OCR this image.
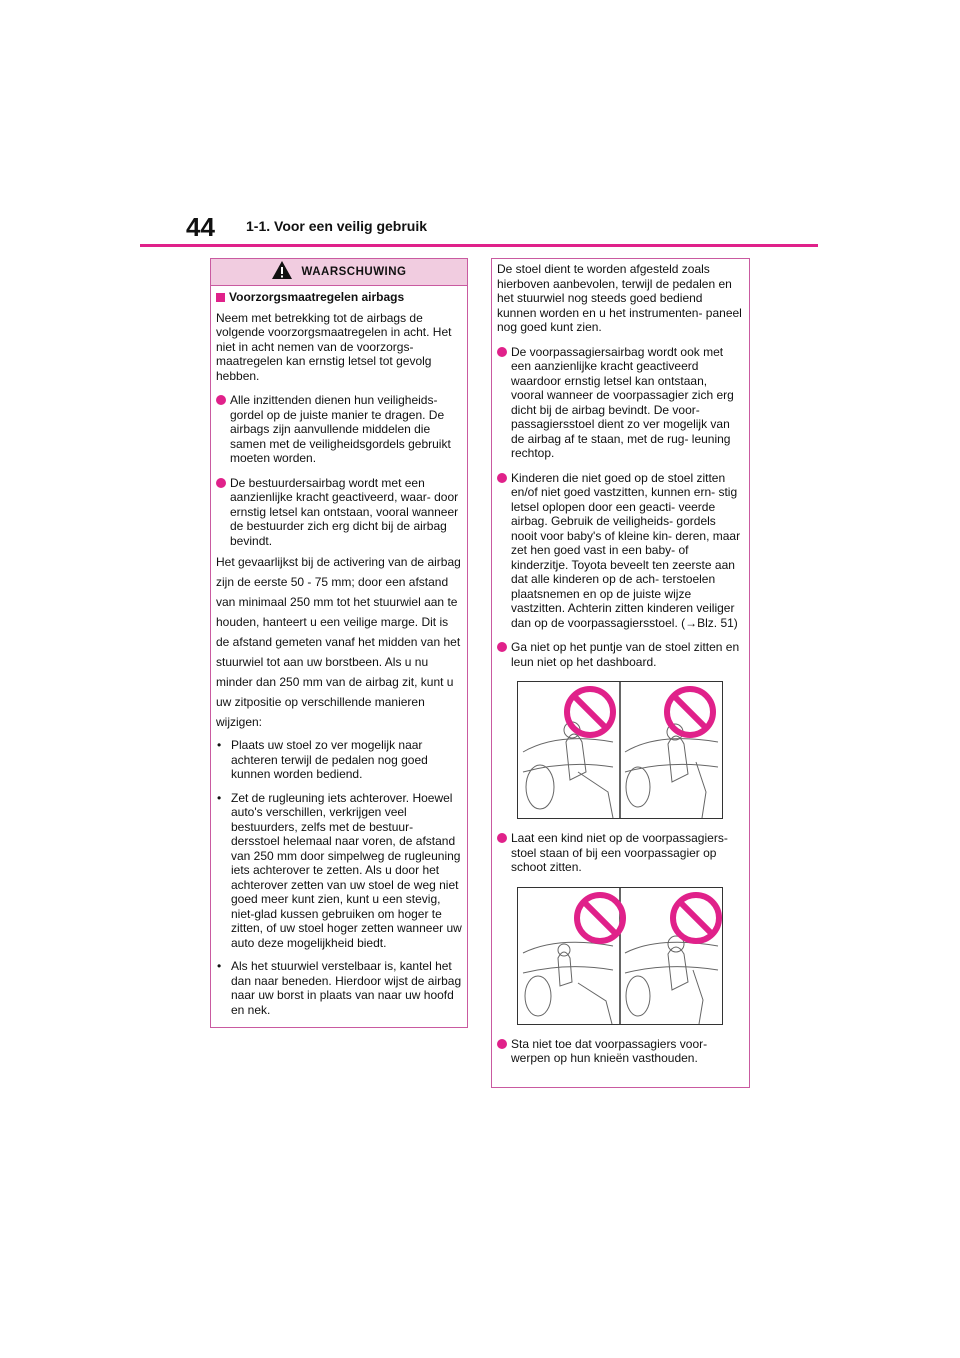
44 1-1. Voor een veilig gebruik
WAARSCHUWING
Voorzorgsmaatregelen airbags

Neem met betrekking tot de airbags de volgende voorzorgsmaatregelen in acht. Het niet in acht nemen van de voorzorgs- maatregelen kan ernstig letsel tot gevolg hebben.

Alle inzittenden dienen hun veiligheids- gordel op de juiste manier te dragen. De airbags zijn aanvullende middelen die samen met de veiligheidsgordels gebruikt moeten worden.
De bestuurdersairbag wordt met een aanzienlijke kracht geactiveerd, waar- door ernstig letsel kan ontstaan, vooral wanneer de bestuurder zich erg dicht bij de airbag bevindt.

Het gevaarlijkst bij de activering van de airbag zijn de eerste 50 - 75 mm; door een afstand van minimaal 250 mm tot het stuurwiel aan te houden, hanteert u een veilige marge. Dit is de afstand gemeten vanaf het midden van het stuurwiel tot aan uw borstbeen. Als u nu minder dan 250 mm van de airbag zit, kunt u uw zitpositie op verschillende manieren wijzigen:

• Plaats uw stoel zo ver mogelijk naar achteren terwijl de pedalen nog goed kunnen worden bediend.
• Zet de rugleuning iets achterover. Hoewel auto's verschillen, verkrijgen veel bestuurders, zelfs met de bestuur- dersstoel helemaal naar voren, de afstand van 250 mm door simpelweg de rugleuning iets achterover te zetten. Als u door het achterover zetten van uw stoel de weg niet goed meer kunt zien, kunt u een stevig, niet-glad kussen gebruiken om hoger te zitten, of uw stoel hoger zetten wanneer uw auto deze mogelijkheid biedt.
• Als het stuurwiel verstelbaar is, kantel het dan naar beneden. Hierdoor wijst de airbag naar uw borst in plaats van naar uw hoofd en nek.

De stoel dient te worden afgesteld zoals hierboven aanbevolen, terwijl de pedalen en het stuurwiel nog steeds goed bediend kunnen worden en u het instrumenten- paneel nog goed kunt zien.

De voorpassagiersairbag wordt ook met een aanzienlijke kracht geactiveerd waardoor ernstig letsel kan ontstaan, vooral wanneer de voorpassagier zich erg dicht bij de airbag bevindt. De voor- passagiersstoel dient zo ver mogelijk van de airbag af te staan, met de rug- leuning rechtop.
Kinderen die niet goed op de stoel zitten en/of niet goed vastzitten, kunnen ern- stig letsel oplopen door een geacti- veerde airbag. Gebruik de veiligheids- gordels nooit voor baby's of kleine kin- deren, maar zet hen goed vast in een baby- of kinderzitje. Toyota beveelt ten zeerste aan dat alle kinderen op de ach- terstoelen plaatsnemen en op de juiste wijze vastzitten. Achterin zitten kinderen veiliger dan op de voorpassagiersstoel. (→Blz. 51)
Ga niet op het puntje van de stoel zitten en leun niet op het dashboard.
Laat een kind niet op de voorpassagiers- stoel staan of bij een voorpassagier op schoot zitten.
Sta niet toe dat voorpassagiers voor- werpen op hun knieën vasthouden.
